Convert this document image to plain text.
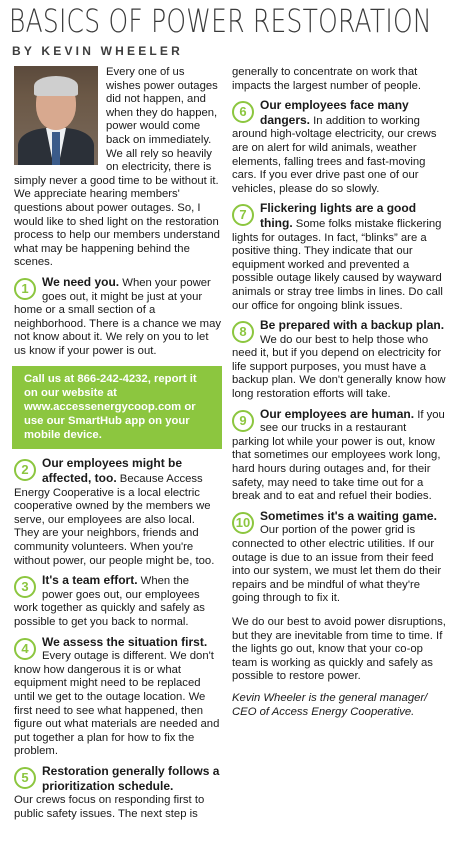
BASICS OF POWER RESTORATION
BY KEVIN WHEELER

Every one of us wishes power outages did not happen, and when they do happen, power would come back on immediately. We all rely so heavily on electricity, there is simply never a good time to be without it. We appreciate hearing members' questions about power outages. So, I would like to shed light on the restoration process to help our members understand what may be happening behind the scenes.

1	We need you. When your power goes out, it might be just at your home or a small section of a neighborhood. There is a chance we may not know about it. We rely on you to let us know if your power is out.
Call us at 866-242-4232, report it on our website at www.accessenergycoop.com or use our SmartHub app on your mobile device.
2	Our employees might be affected, too. Because Access Energy Cooperative is a local electric cooperative owned by the members we serve, our employees are also local. They are your neighbors, friends and community volunteers. When you're without power, our people might be, too.
3	It's a team effort. When the power goes out, our employees work together as quickly and safely as possible to get you back to normal.
4	We assess the situation first. Every outage is different. We don't know how dangerous it is or what equipment might need to be replaced until we get to the outage location. We first need to see what happened, then figure out what materials are needed and put together a plan for how to fix the problem.
5	Restoration generally follows a prioritization schedule.
Our crews focus on responding first to public safety issues. The next step is

generally to concentrate on work that impacts the largest number of people.

6	Our employees face many dangers. In addition to working around high-voltage electricity, our crews are on alert for wild animals, weather elements, falling trees and fast-moving cars. If you ever drive past one of our vehicles, please do so slowly.
7	Flickering lights are a good thing. Some folks mistake flickering lights for outages. In fact, “blinks” are a positive thing. They indicate that our equipment worked and prevented a possible outage likely caused by wayward animals or stray tree limbs in lines. Do call our office for ongoing blink issues.
8	Be prepared with a backup plan. We do our best to help those who need it, but if you depend on electricity for life support purposes, you must have a backup plan. We don't generally know how long restoration efforts will take.
9	Our employees are human. If you see our trucks in a restaurant parking lot while your power is out, know that sometimes our employees work long, hard hours during outages and, for their safety, may need to take time out for a break and to eat and refuel their bodies.
10 Sometimes it's a waiting game. Our portion of the power grid is connected to other electric utilities. If our outage is due to an issue from their feed into our system, we must let them do their repairs and be mindful of what they're going through to fix it.

We do our best to avoid power disruptions, but they are inevitable from time to time. If the lights go out, know that your co-op team is working as quickly and safely as possible to restore power.

Kevin Wheeler is the general manager/ CEO of Access Energy Cooperative.
